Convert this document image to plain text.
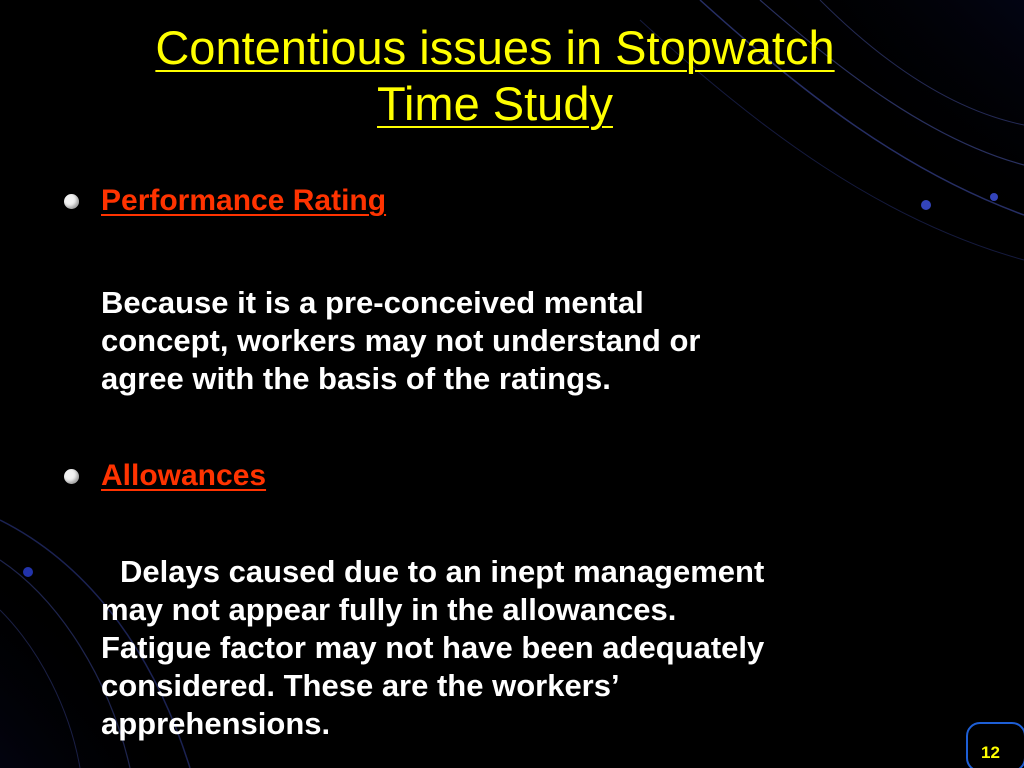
Contentious issues in Stopwatch
Time Study
Performance Rating
Because it is a pre-conceived mental
concept, workers may not understand or
agree with the basis of the ratings.
Allowances
Delays caused due to an inept management
may not appear fully in the allowances.
Fatigue factor may not have been adequately
considered. These are the workers’
apprehensions.
12
